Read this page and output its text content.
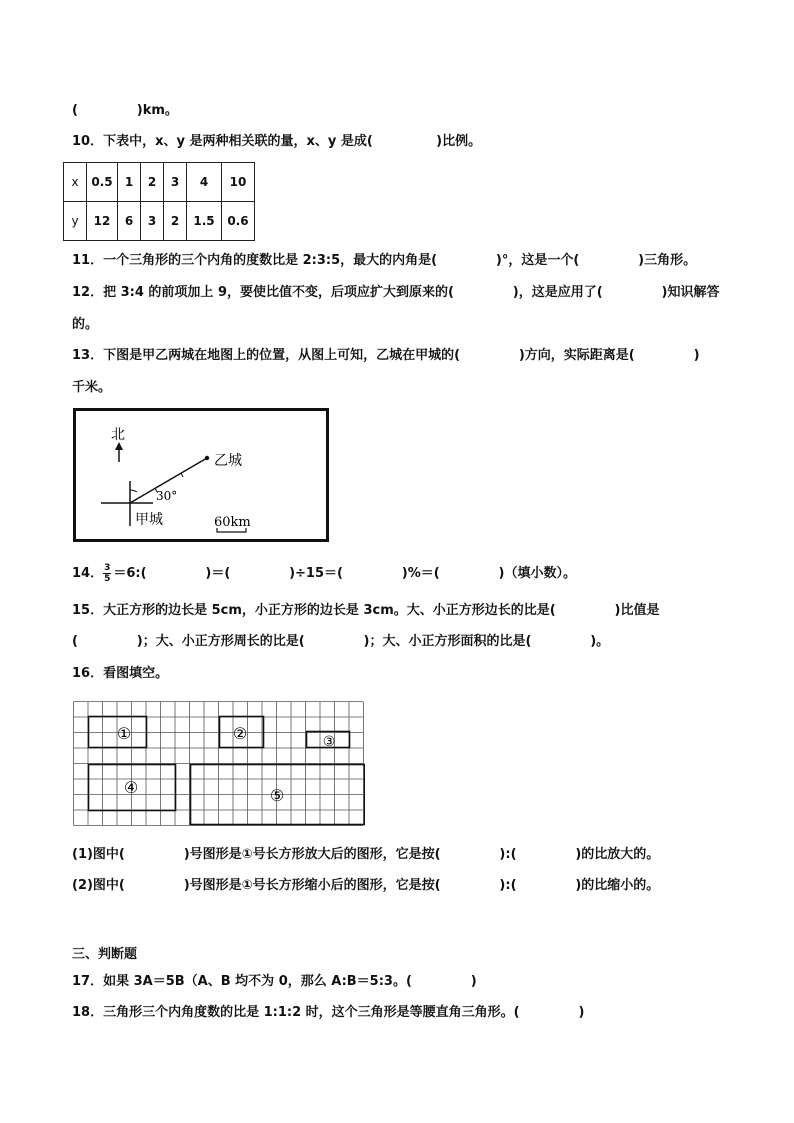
(             )km。
10．下表中，x、y 是两种相关联的量，x、y 是成(              )比例。
x	0.5	1	2	3	4	10
y	12	6	3	2	1.5	0.6
11．一个三角形的三个内角的度数比是 2:3:5，最大的内角是(             )°，这是一个(             )三角形。
12．把 3:4 的前项加上 9，要使比值不变，后项应扩大到原来的(             )，这是应用了(             )知识解答
的。
13．下图是甲乙两城在地图上的位置，从图上可知，乙城在甲城的(             )方向，实际距离是(             )
千米。
北
乙城
30°
甲城	60km
14． $\frac{3}{5}$ ＝6:(             )＝(             )÷15＝(             )%＝(             )（填小数）。
15．大正方形的边长是 5cm，小正方形的边长是 3cm。大、小正方形边长的比是(             )比值是
(             )；大、小正方形周长的比是(             )；大、小正方形面积的比是(             )。
16．看图填空。
①	②	③
④	⑤
(1)图中(             )号图形是①号长方形放大后的图形，它是按(             ):(             )的比放大的。
(2)图中(             )号图形是①号长方形缩小后的图形，它是按(             ):(             )的比缩小的。
三、判断题
17．如果 3A＝5B（A、B 均不为 0，那么 A:B＝5:3。(             )
18．三角形三个内角度数的比是 1:1:2 时，这个三角形是等腰直角三角形。(             )
